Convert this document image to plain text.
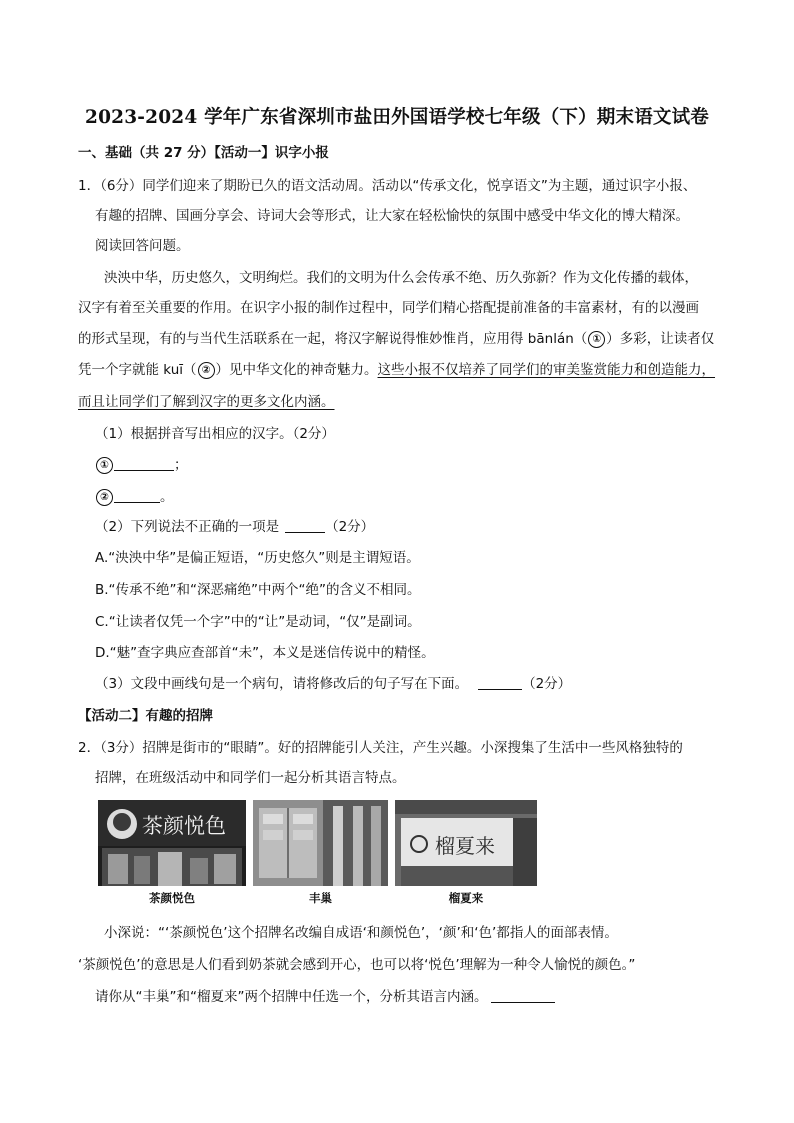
2023-2024 学年广东省深圳市盐田外国语学校七年级（下）期末语文试卷
一、基础（共 27 分）【活动一】识字小报
1．（6分）同学们迎来了期盼已久的语文活动周。活动以“传承文化，悦享语文”为主题，通过识字小报、
有趣的招牌、国画分享会、诗词大会等形式，让大家在轻松愉快的氛围中感受中华文化的博大精深。
阅读回答问题。
泱泱中华，历史悠久，文明绚烂。我们的文明为什么会传承不绝、历久弥新？作为文化传播的载体，
汉字有着至关重要的作用。在识字小报的制作过程中，同学们精心搭配提前准备的丰富素材，有的以漫画
的形式呈现，有的与当代生活联系在一起，将汉字解说得惟妙惟肖，应用得 bānlán（ ① ）多彩，让读者仅
凭一个字就能 kuī（ ② ）见中华文化的神奇魅力。这些小报不仅培养了同学们的审美鉴赏能力和创造能力，
而且让同学们了解到汉字的更多文化内涵。
（1）根据拼音写出相应的汉字。（2分）
①	；
②	。
（2）下列说法不正确的一项是	（2分）
A.“泱泱中华”是偏正短语，“历史悠久”则是主谓短语。
B.“传承不绝”和“深恶痛绝”中两个“绝”的含义不相同。
C.“让读者仅凭一个字”中的“让”是动词，“仅”是副词。
D.“魅”查字典应查部首“未”，本义是迷信传说中的精怪。
（3）文段中画线句是一个病句，请将修改后的句子写在下面。	（2分）
【活动二】有趣的招牌
2．（3分）招牌是街市的“眼睛”。好的招牌能引人关注，产生兴趣。小深搜集了生活中一些风格独特的
招牌，在班级活动中和同学们一起分析其语言特点。
茶颜悦色
茶颜悦色	丰巢
榴夏来
榴夏来
小深说：“‘茶颜悦色’这个招牌名改编自成语‘和颜悦色’，‘颜’和‘色’都指人的面部表情。
‘茶颜悦色’的意思是人们看到奶茶就会感到开心，也可以将‘悦色’理解为一种令人愉悦的颜色。”
请你从“丰巢”和“榴夏来”两个招牌中任选一个，分析其语言内涵。
